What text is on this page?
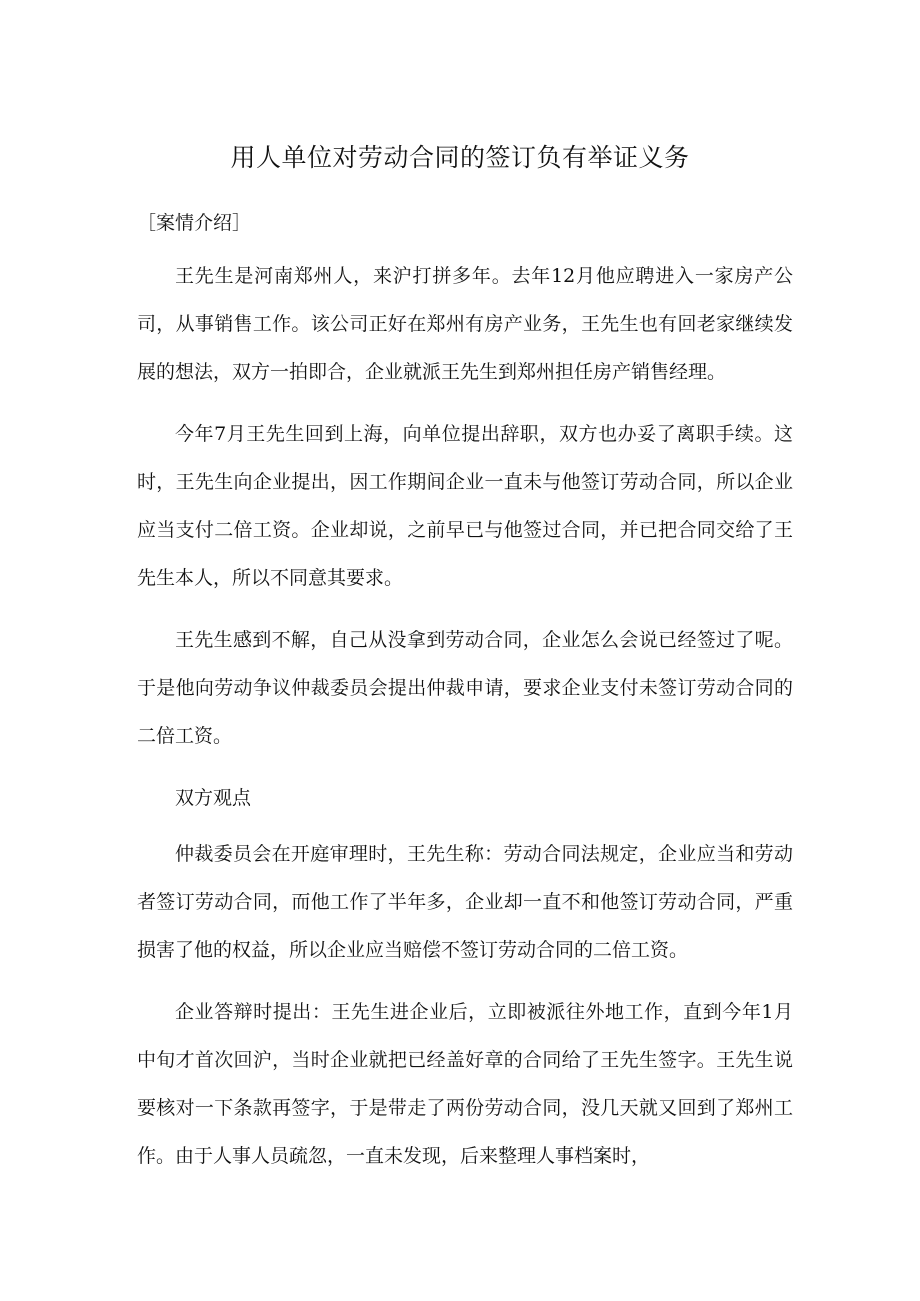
用人单位对劳动合同的签订负有举证义务

［案情介绍］

王先生是河南郑州人，来沪打拼多年。去年12月他应聘进入一家房产公司，从事销售工作。该公司正好在郑州有房产业务，王先生也有回老家继续发展的想法，双方一拍即合，企业就派王先生到郑州担任房产销售经理。

今年7月王先生回到上海，向单位提出辞职，双方也办妥了离职手续。这时，王先生向企业提出，因工作期间企业一直未与他签订劳动合同，所以企业应当支付二倍工资。企业却说，之前早已与他签过合同，并已把合同交给了王先生本人，所以不同意其要求。

王先生感到不解，自己从没拿到劳动合同，企业怎么会说已经签过了呢。于是他向劳动争议仲裁委员会提出仲裁申请，要求企业支付未签订劳动合同的二倍工资。

双方观点

仲裁委员会在开庭审理时，王先生称：劳动合同法规定，企业应当和劳动者签订劳动合同，而他工作了半年多，企业却一直不和他签订劳动合同，严重损害了他的权益，所以企业应当赔偿不签订劳动合同的二倍工资。

企业答辩时提出：王先生进企业后，立即被派往外地工作，直到今年1月中旬才首次回沪，当时企业就把已经盖好章的合同给了王先生签字。王先生说要核对一下条款再签字，于是带走了两份劳动合同，没几天就又回到了郑州工作。由于人事人员疏忽，一直未发现，后来整理人事档案时，
